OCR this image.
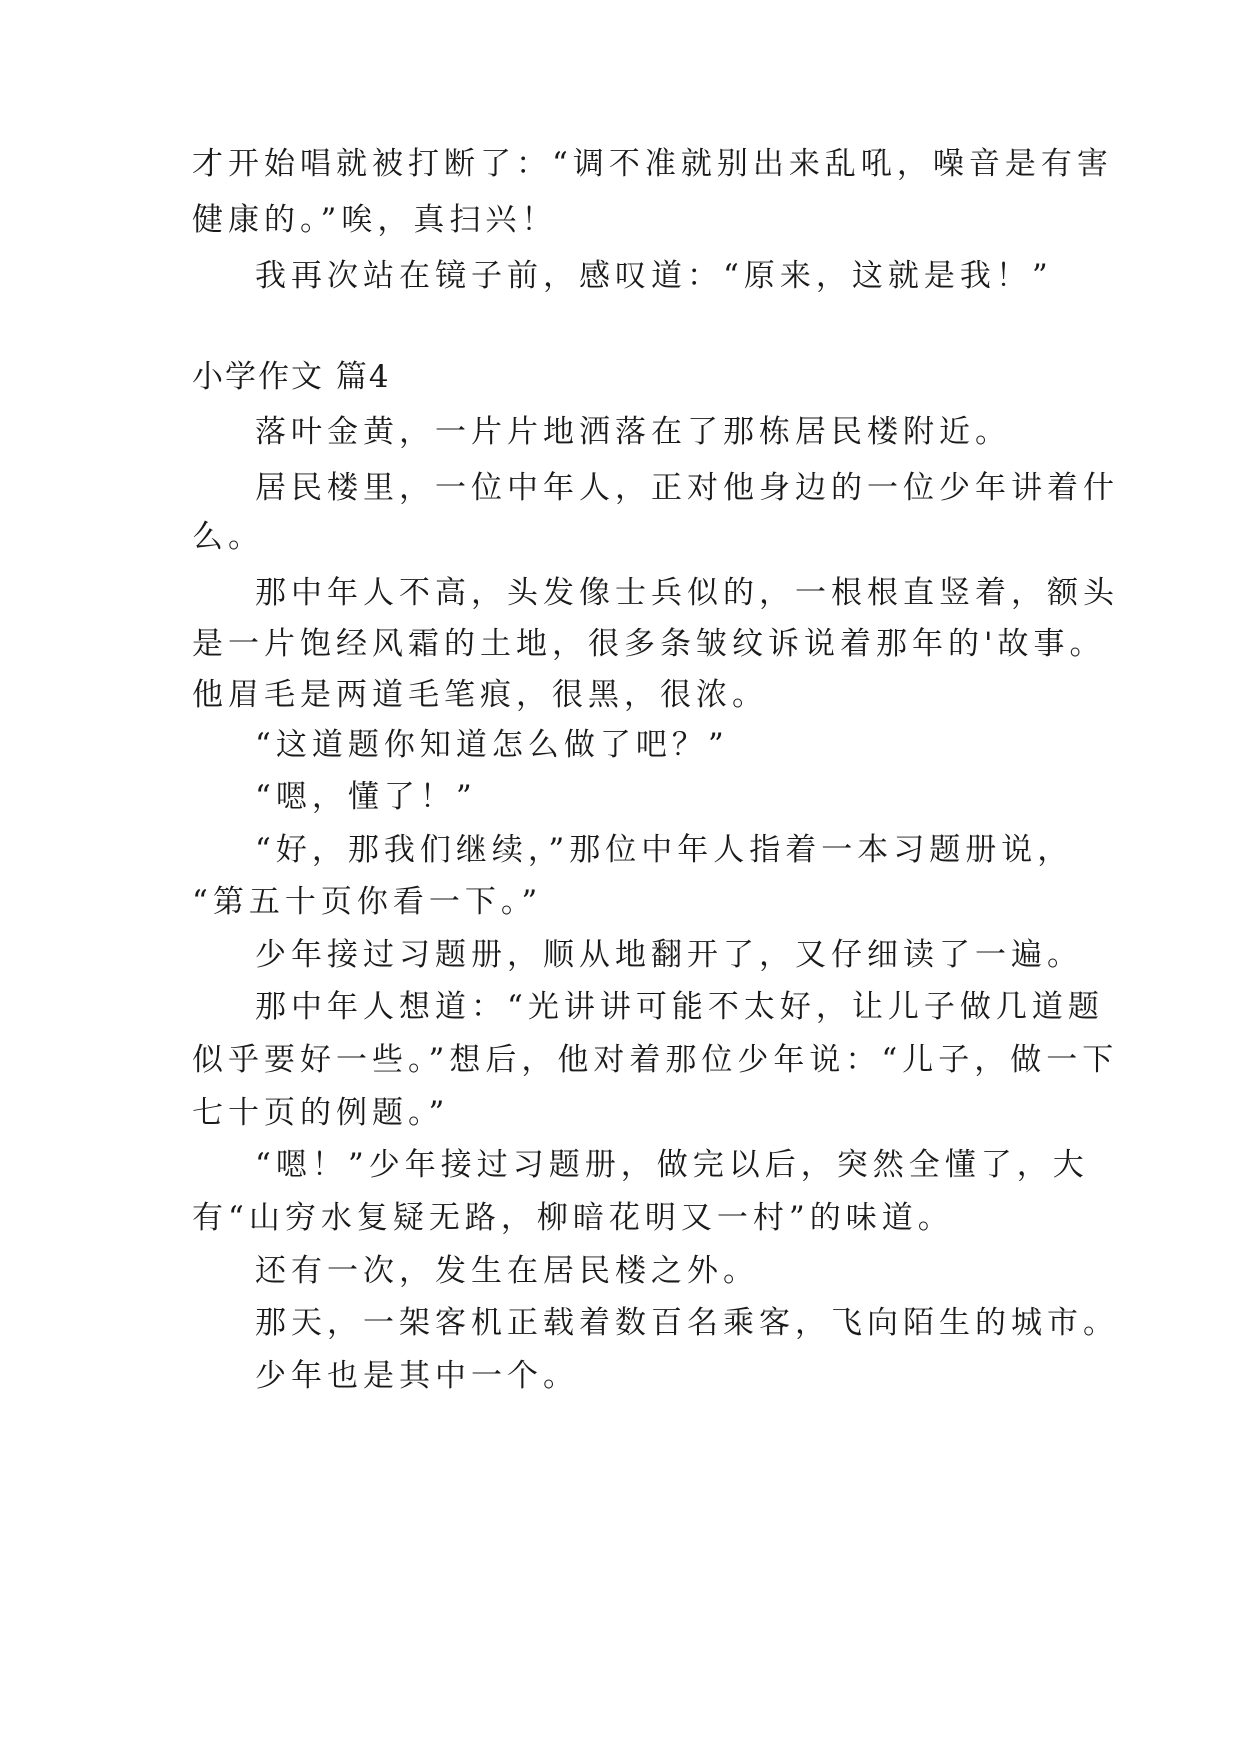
才开始唱就被打断了：“调不准就别出来乱吼，噪音是有害
健康的。”唉，真扫兴！
我再次站在镜子前，感叹道：“原来，这就是我！”
小学作文 篇4
落叶金黄，一片片地洒落在了那栋居民楼附近。
居民楼里，一位中年人，正对他身边的一位少年讲着什
么。
那中年人不高，头发像士兵似的，一根根直竖着，额头
是一片饱经风霜的土地，很多条皱纹诉说着那年的'故事。
他眉毛是两道毛笔痕，很黑，很浓。
“这道题你知道怎么做了吧？”
“嗯，懂了！”
“好，那我们继续，”那位中年人指着一本习题册说，
“第五十页你看一下。”
少年接过习题册，顺从地翻开了，又仔细读了一遍。
那中年人想道：“光讲讲可能不太好，让儿子做几道题
似乎要好一些。”想后，他对着那位少年说：“儿子，做一下
七十页的例题。”
“嗯！”少年接过习题册，做完以后，突然全懂了，大
有“山穷水复疑无路，柳暗花明又一村”的味道。
还有一次，发生在居民楼之外。
那天，一架客机正载着数百名乘客，飞向陌生的城市。
少年也是其中一个。
